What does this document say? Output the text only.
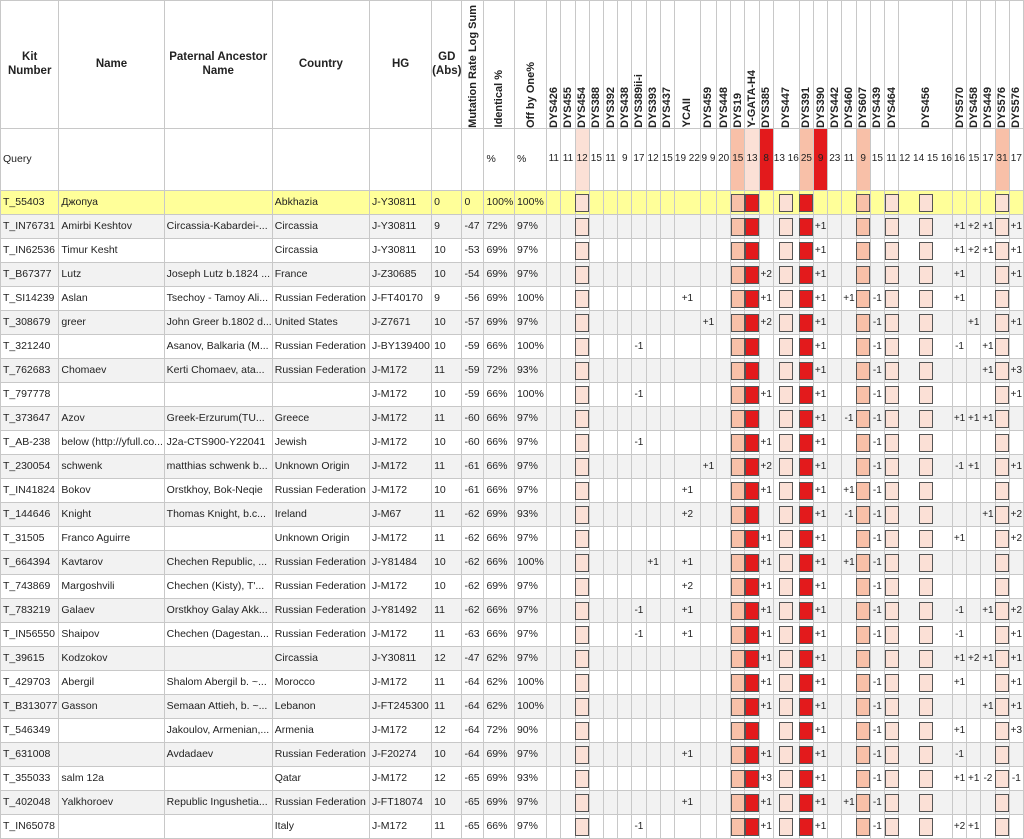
Kit Number	Name	Paternal Ancestor Name	Country	HG	GD (Abs)	Mutation Rate Log Sum	Identical %	Off by One%	DYS426	DYS455	DYS454	DYS388	DYS392	DYS438	DYS389ii-i	DYS393	DYS437	YCAII	DYS459	DYS448	DYS19	Y-GATA-H4	DYS385	DYS447	DYS391	DYS390	DYS442	DYS460	DYS607	DYS439	DYS464	DYS456	DYS570	DYS458	DYS449	DYS576	DYS576

Query							%	%	11	11	12	15	11	9	17	12	15	19 22	9 9	20	15	13	8	13 16	25	9	23	11	9	15	11	12 14 15 16	16	15	17	31	17
T_55403	Джопуа		Abkhazia	J-Y30811	0	0	100%	100%			

T_IN76731	Amirbi Keshtov	Circassia-Kabardei-...	Circassia	J-Y30811	9	-47	72%	97%																		+1							+1	+2	+1		+1
T_IN62536	Timur Kesht		Circassia	J-Y30811	10	-53	69%	97%																		+1							+1	+2	+1		+1
T_B67377	Lutz	Joseph Lutz b.1824 ...	France	J-Z30685	10	-54	69%	97%															+2			+1							+1				+1
T_SI14239	Aslan	Tsechoy - Tamoy Ali...	Russian Federation	J-FT40170	9	-56	69%	100%										+1					+1			+1		+1		-1			+1			

T_308679	greer	John Greer b.1802 d...	United States	J-Z7671	10	-57	69%	97%											+1				+2			+1				-1				+1			+1
T_321240		Asanov, Balkaria (M...	Russian Federation	J-BY139400	10	-59	66%	100%							-1											+1				-1			-1		+1	

T_762683	Chomaev	Kerti Chomaev, ata...	Russian Federation	J-M172	11	-59	72%	93%																		+1				-1					+1		+3
T_797778				J-M172	10	-59	66%	100%							-1								+1			+1				-1							+1
T_373647	Azov	Greek-Erzurum(TU...	Greece	J-M172	11	-60	66%	97%																		+1		-1		-1			+1	+1	+1	

T_AB-238	below (http://yfull.co...	J2a-CTS900-Y22041	Jewish	J-M172	10	-60	66%	97%							-1								+1			+1				-1	

T_230054	schwenk	matthias schwenk b...	Unknown Origin	J-M172	11	-61	66%	97%											+1				+2			+1				-1			-1	+1			+1
T_IN41824	Bokov	Orstkhoy, Bok-Neqie	Russian Federation	J-M172	10	-61	66%	97%										+1					+1			+1		+1		-1	

T_144646	Knight	Thomas Knight, b.c...	Ireland	J-M67	11	-62	69%	93%										+2								+1		-1		-1					+1		+2
T_31505	Franco Aguirre		Unknown Origin	J-M172	11	-62	66%	97%															+1			+1				-1			+1				+2
T_664394	Kavtarov	Chechen Republic, ...	Russian Federation	J-Y81484	10	-62	66%	100%								+1		+1					+1			+1		+1		-1	

T_743869	Margoshvili	Chechen (Kisty), T'...	Russian Federation	J-M172	10	-62	69%	97%										+2					+1			+1				-1	

T_783219	Galaev	Orstkhoy Galay Akk...	Russian Federation	J-Y81492	11	-62	66%	97%							-1			+1					+1			+1				-1			-1		+1		+2
T_IN56550	Shaipov	Chechen (Dagestan...	Russian Federation	J-M172	11	-63	66%	97%							-1			+1					+1			+1				-1			-1				+1
T_39615	Kodzokov		Circassia	J-Y30811	12	-47	62%	97%															+1			+1							+1	+2	+1		+1
T_429703	Abergil	Shalom Abergil b. ~...	Morocco	J-M172	11	-64	62%	100%															+1			+1				-1			+1				+1
T_B313077	Gasson	Semaan Attieh, b. ~...	Lebanon	J-FT245300	11	-64	62%	100%															+1			+1				-1					+1		+1
T_546349		Jakoulov, Armenian,...	Armenia	J-M172	12	-64	72%	90%																		+1				-1			+1				+3
T_631008		Avdadaev	Russian Federation	J-F20274	10	-64	69%	97%										+1					+1			+1				-1			-1			

T_355033	salm 12a		Qatar	J-M172	12	-65	69%	93%															+3			+1				-1			+1	+1	-2		-1
T_402048	Yalkhoroev	Republic Ingushetia...	Russian Federation	J-FT18074	10	-65	69%	97%										+1					+1			+1		+1		-1	

T_IN65078			Italy	J-M172	11	-65	66%	97%							-1								+1			+1				-1			+2	+1		
